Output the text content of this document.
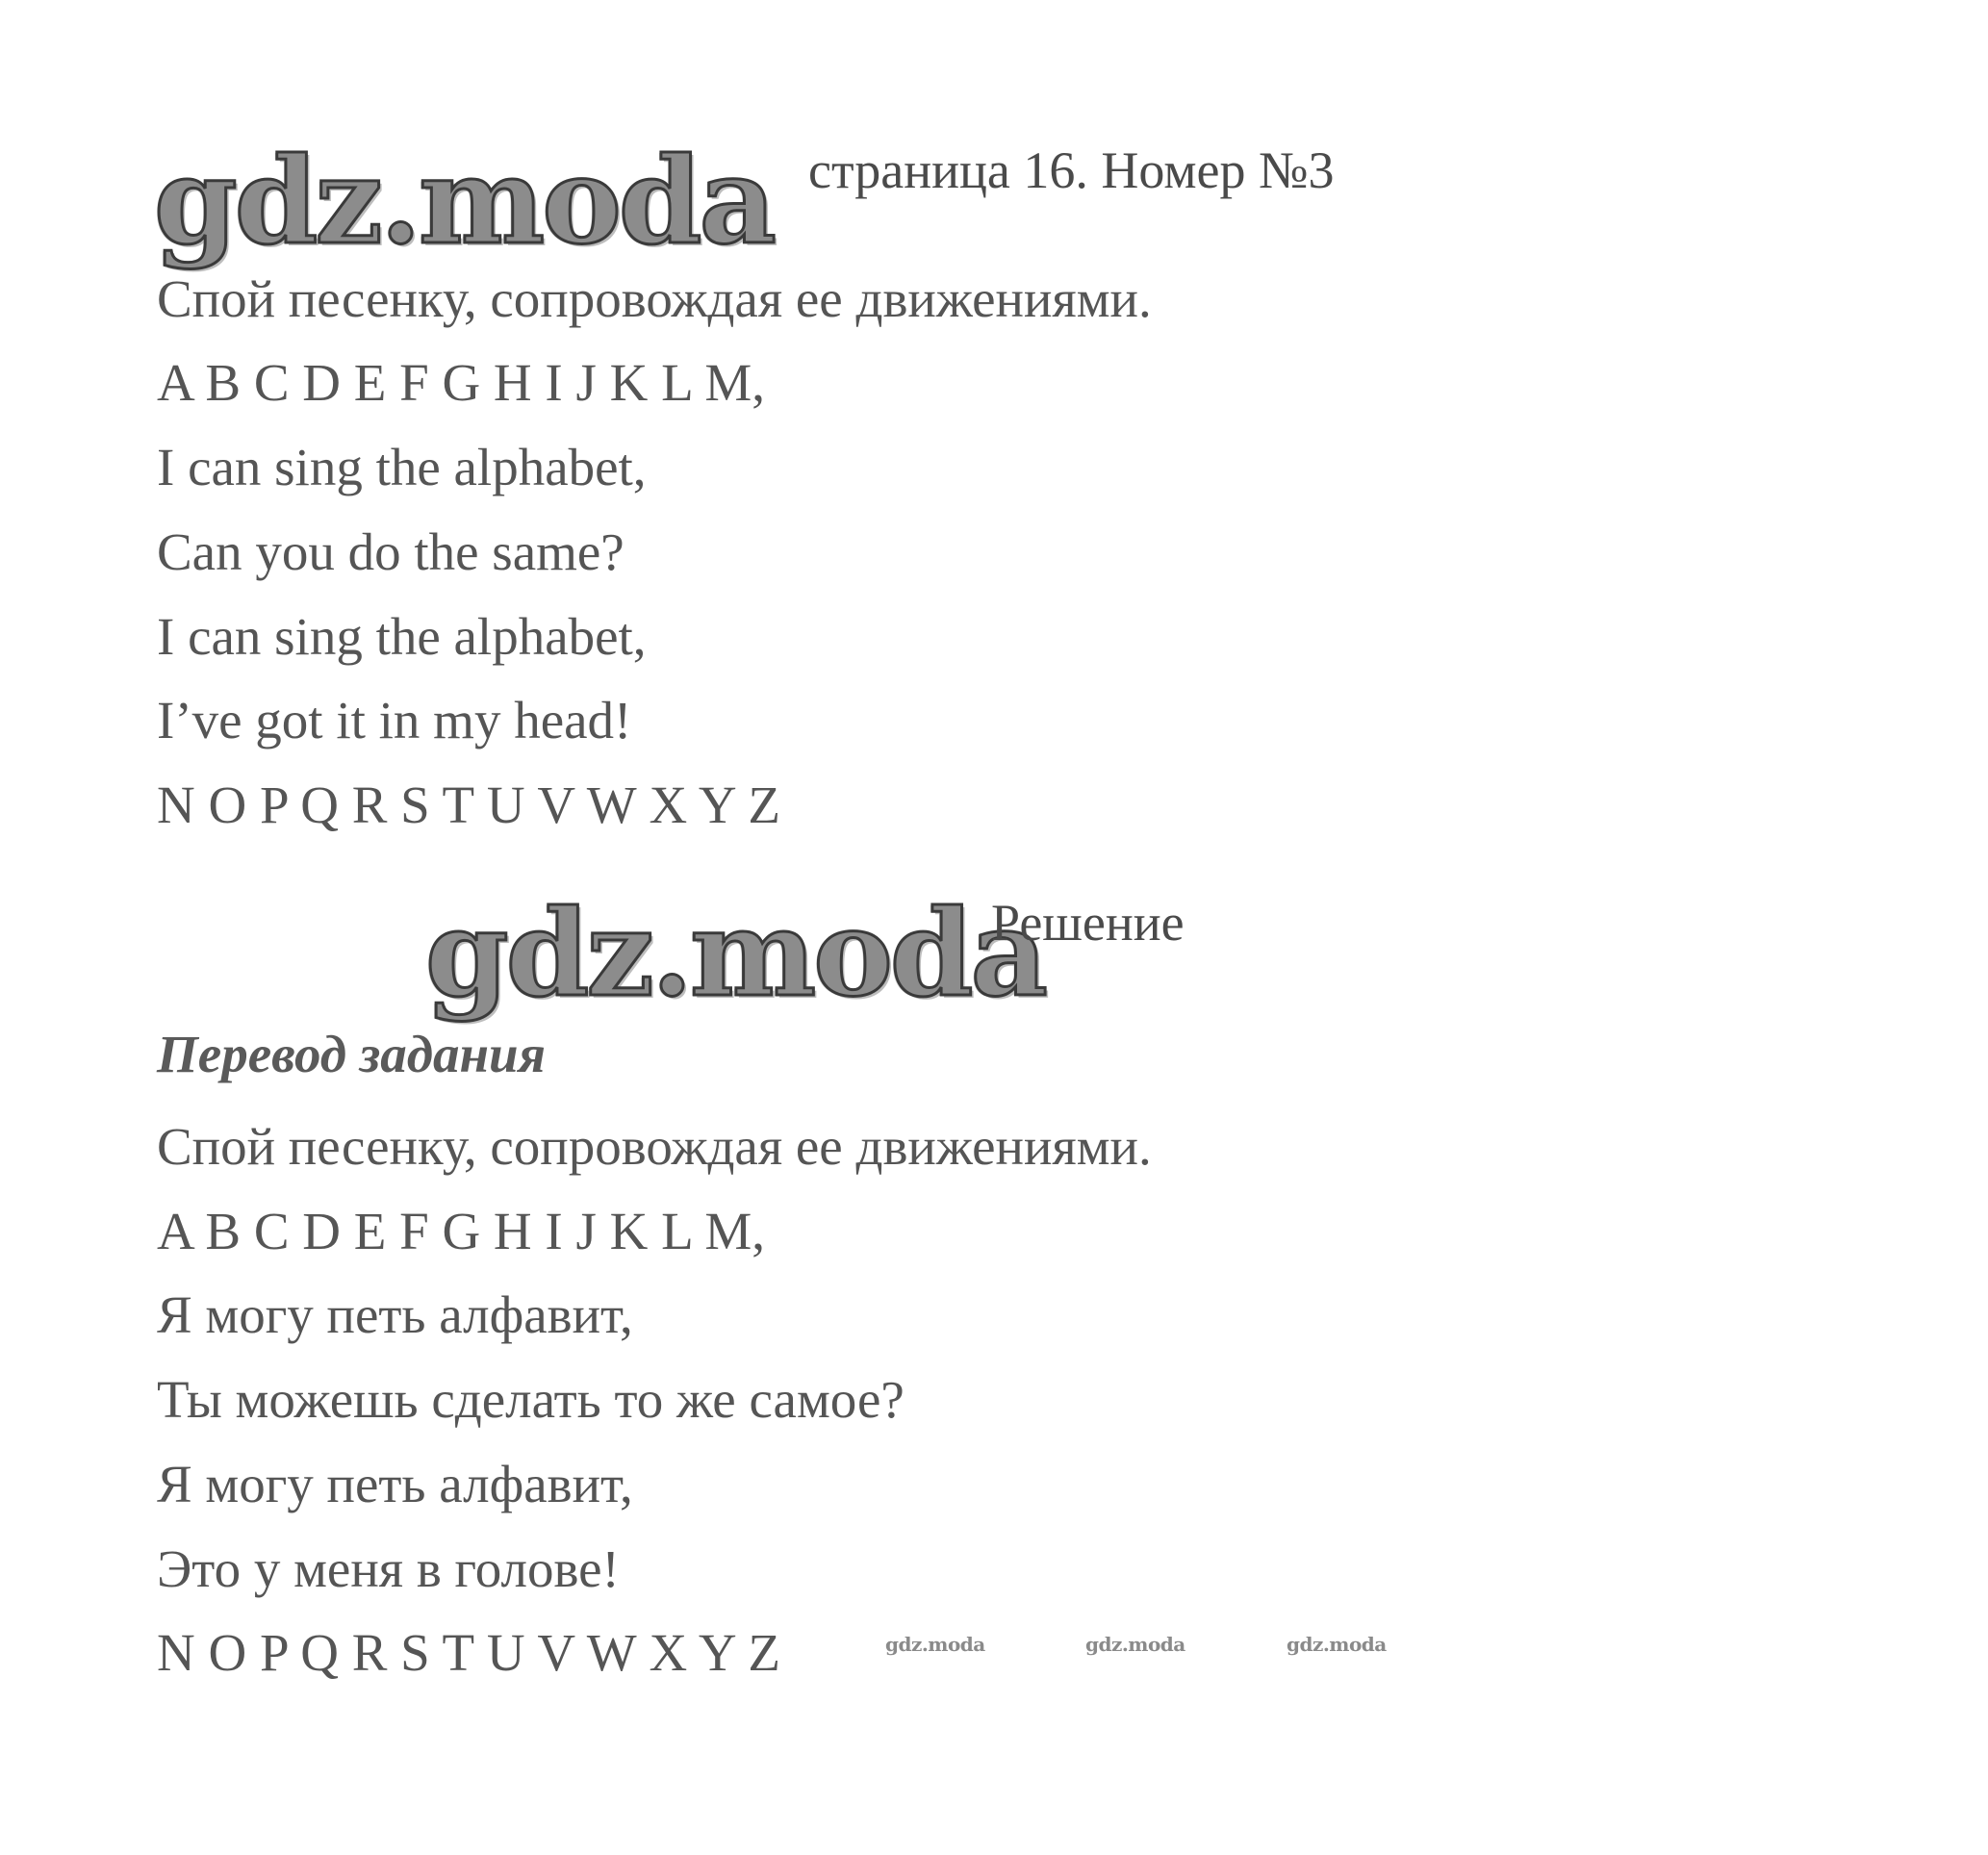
gdz.moda страница 16. Номер №3
Спой песенку, сопровождая ее движениями.
A B C D E F G H I J K L M,
I can sing the alphabet,
Can you do the same?
I can sing the alphabet,
I’ve got it in my head!
N O P Q R S T U V W X Y Z
gdz.moda
Решение
Перевод задания
Спой песенку, сопровождая ее движениями.
A B C D E F G H I J K L M,
Я могу петь алфавит,
Ты можешь сделать то же самое?
Я могу петь алфавит,
Это у меня в голове!
N O P Q R S T U V W X Y Z	gdz.moda	gdz.moda	gdz.moda
